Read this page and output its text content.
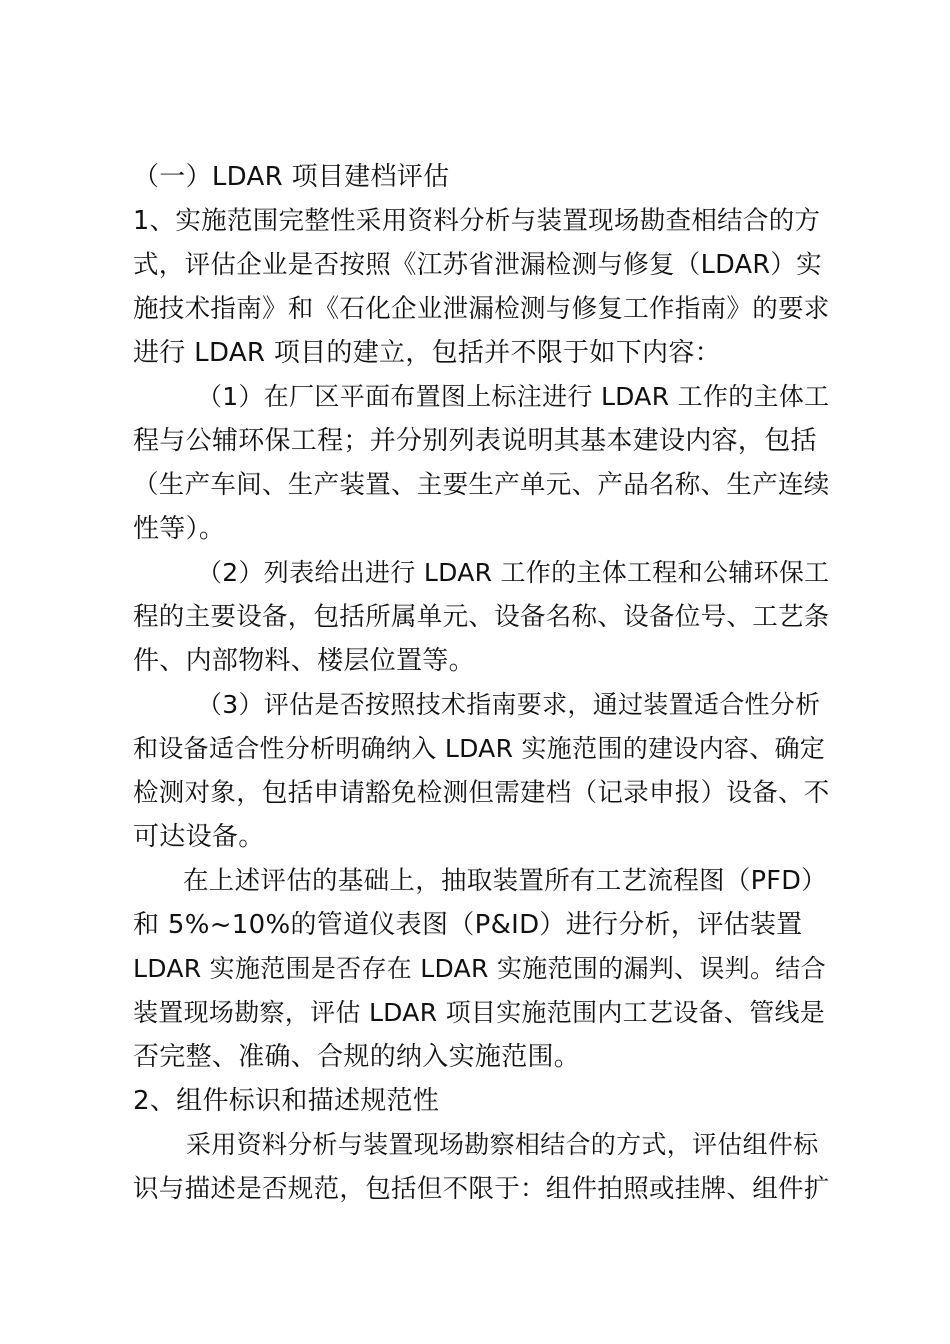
（一）LDAR 项目建档评估
1、实施范围完整性采用资料分析与装置现场勘查相结合的方
式，评估企业是否按照《江苏省泄漏检测与修复（LDAR）实
施技术指南》和《石化企业泄漏检测与修复工作指南》的要求
进行 LDAR 项目的建立，包括并不限于如下内容：
（1）在厂区平面布置图上标注进行 LDAR 工作的主体工
程与公辅环保工程；并分别列表说明其基本建设内容，包括
（生产车间、生产装置、主要生产单元、产品名称、生产连续
性等）。
（2）列表给出进行 LDAR 工作的主体工程和公辅环保工
程的主要设备，包括所属单元、设备名称、设备位号、工艺条
件、内部物料、楼层位置等。
（3）评估是否按照技术指南要求，通过装置适合性分析
和设备适合性分析明确纳入 LDAR 实施范围的建设内容、确定
检测对象，包括申请豁免检测但需建档（记录申报）设备、不
可达设备。
在上述评估的基础上，抽取装置所有工艺流程图（PFD）
和 5%~10%的管道仪表图（P&ID）进行分析，评估装置
LDAR 实施范围是否存在 LDAR 实施范围的漏判、误判。结合
装置现场勘察，评估 LDAR 项目实施范围内工艺设备、管线是
否完整、准确、合规的纳入实施范围。
2、组件标识和描述规范性
采用资料分析与装置现场勘察相结合的方式，评估组件标
识与描述是否规范，包括但不限于：组件拍照或挂牌、组件扩
